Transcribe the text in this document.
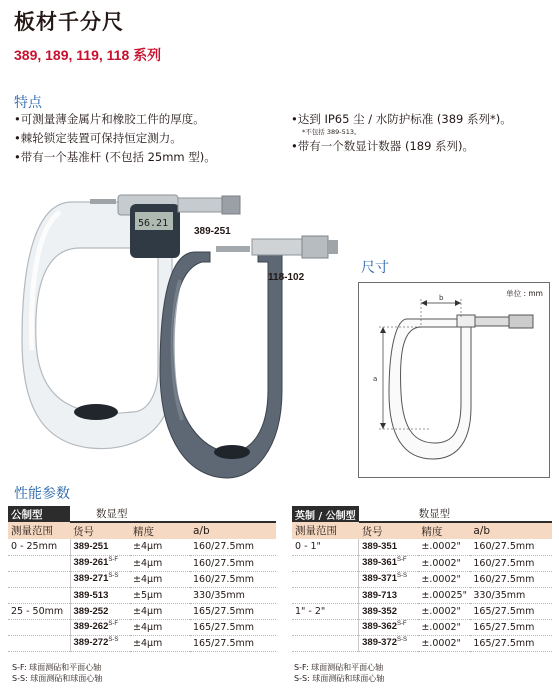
板材千分尺
389, 189, 119, 118 系列
特点
• 可测量薄金属片和橡胶工件的厚度。
• 棘轮锁定装置可保持恒定测力。
• 带有一个基准杆 (不包括 25mm 型)。
• 达到 IP65 尘 / 水防护标准 (389 系列*)。
*不包括 389-513。
• 带有一个数显计数器 (189 系列)。
56.21
389-251
118-102
尺寸
单位 : mm
a
b
性能参数
公制型	数显型		
测量范围	货号	精度	a/b
0 - 25mm	389-251	±4μm	160/27.5mm
	$389-261^{S-F}$	±4μm	160/27.5mm
	$389-271^{S-S}$	±4μm	160/27.5mm
	389-513	±5μm	330/35mm
25 - 50mm	389-252	±4μm	165/27.5mm
	$389-262^{S-F}$	±4μm	165/27.5mm
	$389-272^{S-S}$	±4μm	165/27.5mm
英制 / 公制型	数显型		
测量范围	货号	精度	a/b
0 - 1"	389-351	±.0002"	160/27.5mm
	$389-361^{S-F}$	±.0002"	160/27.5mm
	$389-371^{S-S}$	±.0002"	160/27.5mm
	389-713	±.00025"	330/35mm
1" - 2"	389-352	±.0002"	165/27.5mm
	$389-362^{S-F}$	±.0002"	165/27.5mm
	$389-372^{S-S}$	±.0002"	165/27.5mm
S-F: 球面测砧和平面心轴
S-S: 球面测砧和球面心轴
S-F: 球面测砧和平面心轴
S-S: 球面测砧和球面心轴
